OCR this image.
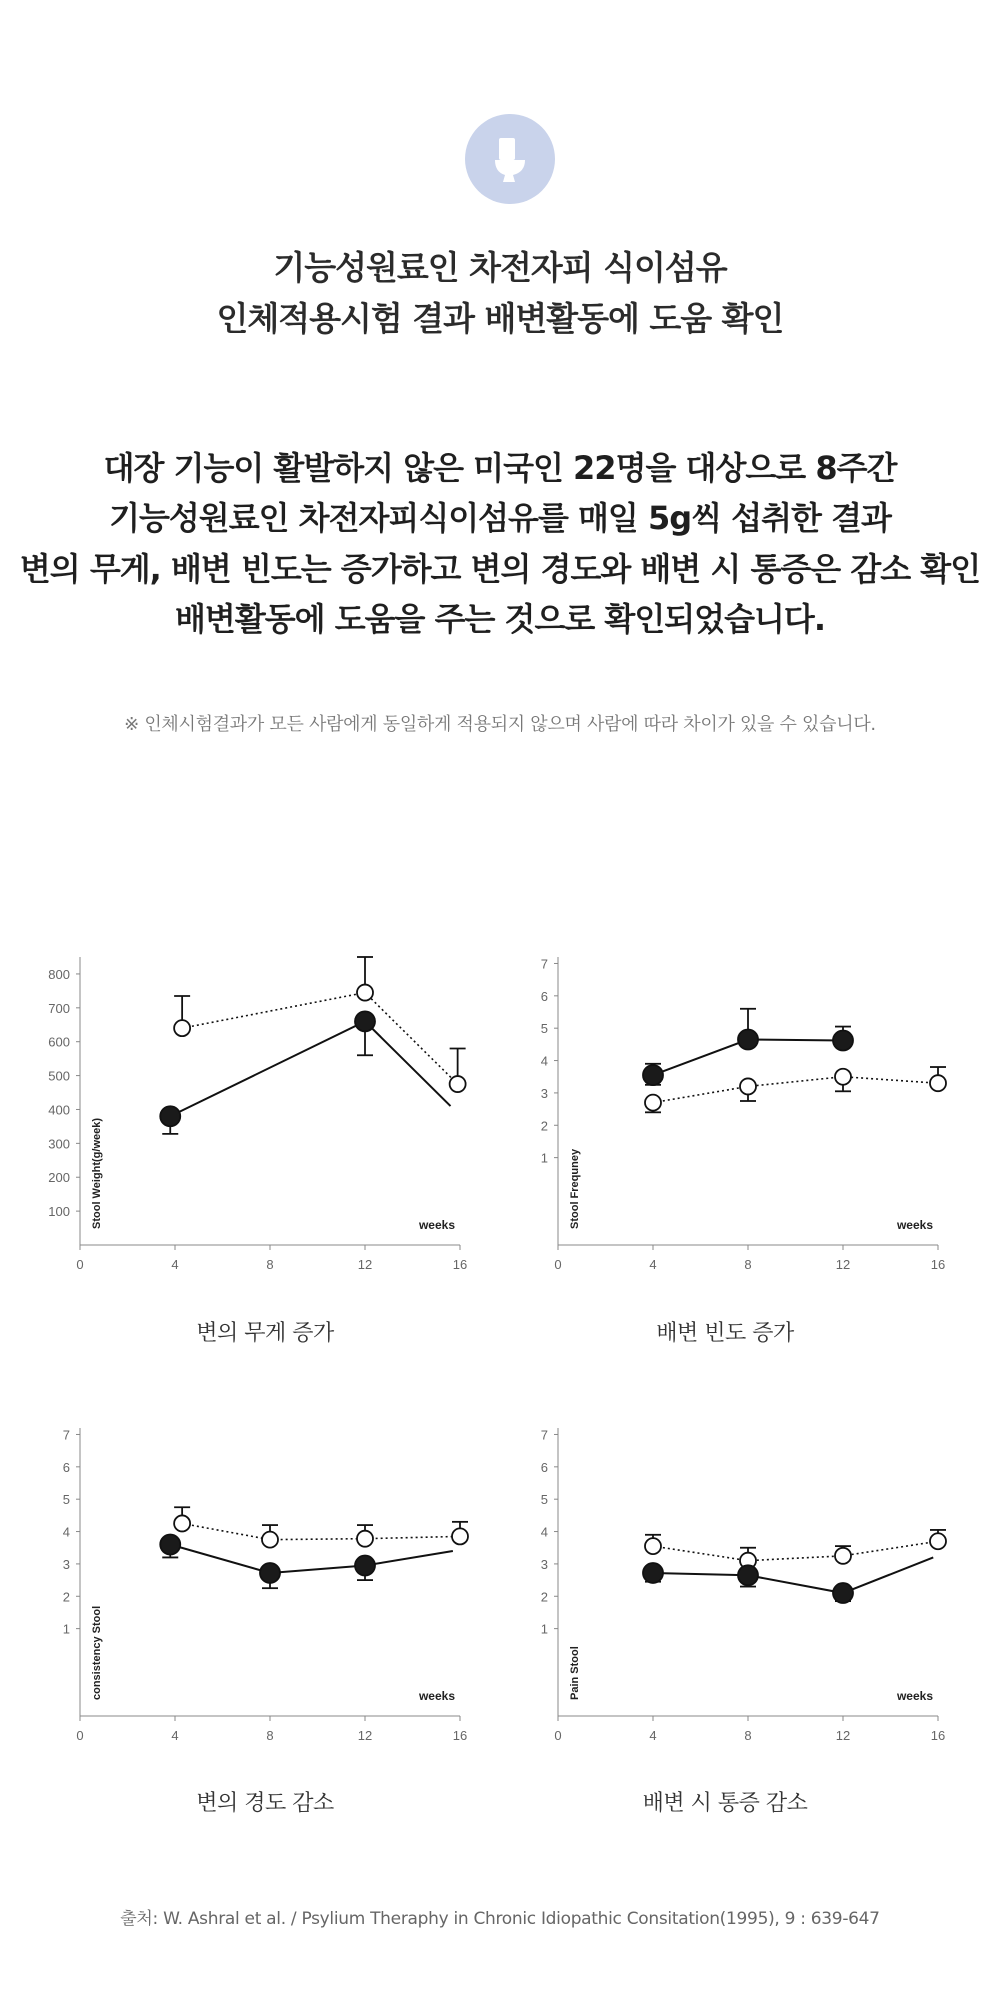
기능성원료인 차전자피 식이섬유
인체적용시험 결과 배변활동에 도움 확인
대장 기능이 활발하지 않은 미국인 22명을 대상으로 8주간
기능성원료인 차전자피식이섬유를 매일 5g씩 섭취한 결과
변의 무게, 배변 빈도는 증가하고 변의 경도와 배변 시 통증은 감소 확인
배변활동에 도움을 주는 것으로 확인되었습니다.
※ 인체시험결과가 모든 사람에게 동일하게 적용되지 않으며 사람에 따라 차이가 있을 수 있습니다.
100
200
300
400
500
600
700
800
0	4	8	12	16
weeks
Stool Weight(g/week)	1
2
3
4
5
6
7
0	4	8	12	16
weeks
Stool Frequney
1
2
3
4
5
6
7
0	4	8	12	16
weeks
consistency Stool	1
2
3
4
5
6
7
0	4	8	12	16
weeks
Pain Stool
변의 무게 증가	배변 빈도 증가
변의 경도 감소	배변 시 통증 감소
출처: W. Ashral et al. / Psylium Theraphy in Chronic Idiopathic Consitation(1995), 9 : 639-647
